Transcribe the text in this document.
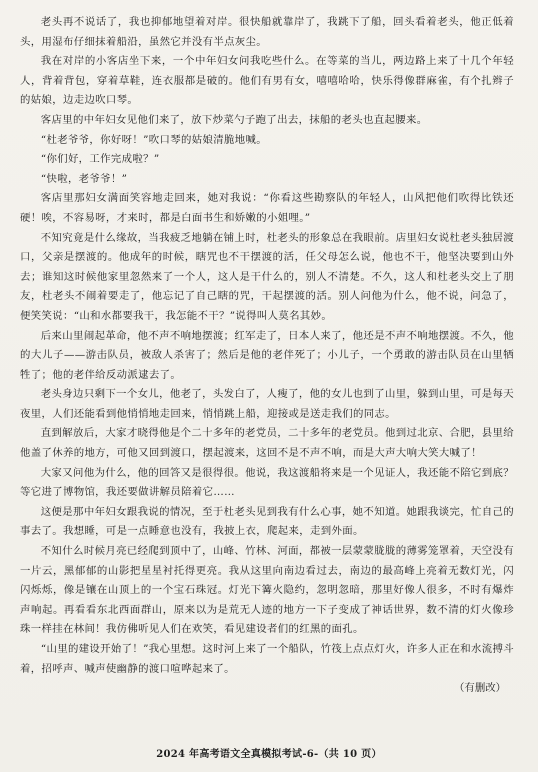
老头再不说话了，我也抑郁地望着对岸。很快船就靠岸了，我跳下了船，回头看着老头，他正低着头，用湿布仔细抹着船沿，虽然它并没有半点灰尘。

我在对岸的小客店坐下来，一个中年妇女问我吃些什么。在等菜的当儿，两边路上来了十几个年轻人，背着背包，穿着草鞋，连衣服都是破的。他们有男有女，嘻嘻哈哈，快乐得像群麻雀，有个扎辫子的姑娘，边走边吹口琴。

客店里的中年妇女见他们来了，放下炒菜勺子跑了出去，抹船的老头也直起腰来。

“杜老爷爷，你好呀！”吹口琴的姑娘清脆地喊。

“你们好，工作完成啦？”

“快啦，老爷爷！”

客店里那妇女满面笑容地走回来，她对我说：“你看这些勘察队的年轻人，山风把他们吹得比铁还硬！唉，不容易呀，才来时，都是白面书生和娇嫩的小姐哩。”

不知究竟是什么缘故，当我疲乏地躺在铺上时，杜老头的形象总在我眼前。店里妇女说杜老头独居渡口，父亲是摆渡的。他成年的时候，瞎咒也不干摆渡的活，任父母怎么说，他也不干，他坚决要到山外去；谁知这时候他家里忽然来了一个人，这人是干什么的，别人不清楚。不久，这人和杜老头交上了朋友，杜老头不闹着要走了，他忘记了自己瞎的咒，干起摆渡的活。别人问他为什么，他不说，问急了，便笑笑说：“山和水都要我干，我怎能不干？”说得叫人莫名其妙。

后来山里闹起革命，他不声不响地摆渡；红军走了，日本人来了，他还是不声不响地摆渡。不久，他的大儿子——游击队员，被敌人杀害了；然后是他的老伴死了；小儿子，一个勇敢的游击队员在山里牺牲了；他的老伴给反动派逮去了。

老头身边只剩下一个女儿，他老了，头发白了，人瘦了，他的女儿也到了山里，躲到山里，可是每天夜里，人们还能看到他悄悄地走回来，悄悄跳上船，迎接或是送走我们的同志。

直到解放后，大家才晓得他是个二十多年的老党员，二十多年的老党员。他到过北京、合肥，县里给他盖了休养的地方，可他又回到渡口，摆起渡来，这回不是不声不响，而是大声大响大笑大喊了！

大家又问他为什么，他的回答又是很得很。他说，我这渡船将来是一个见证人，我还能不陪它到底？等它进了博物馆，我还要做讲解员陪着它……

这便是那中年妇女跟我说的情况，至于杜老头见到我有什么心事，她不知道。她跟我谈完，忙自己的事去了。我想睡，可是一点睡意也没有，我披上衣，爬起来，走到外面。

不知什么时候月亮已经爬到顶中了，山峰、竹林、河面，都被一层蒙蒙胧胧的薄雾笼罩着，天空没有一片云，黑郁郁的山影把星星衬托得更亮。我从这里向南边看过去，南边的最高峰上亮着无数灯光，闪闪烁烁，像是镶在山顶上的一个宝石珠冠。灯光下篝火隐约，忽明忽暗，那里好像人很多，不时有爆炸声响起。再看看东北西面群山，原来以为是荒无人迹的地方一下子变成了神话世界，数不清的灯火像珍珠一样挂在林间！我仿佛听见人们在欢笑，看见建设者们的红黑的面孔。

“山里的建设开始了！”我心里想。这时河上来了一个船队，竹筏上点点灯火，许多人正在和水流搏斗着，招呼声、喊声使幽静的渡口喧哗起来了。

（有删改）

2024 年高考语文全真模拟考试-6-（共 10 页）
